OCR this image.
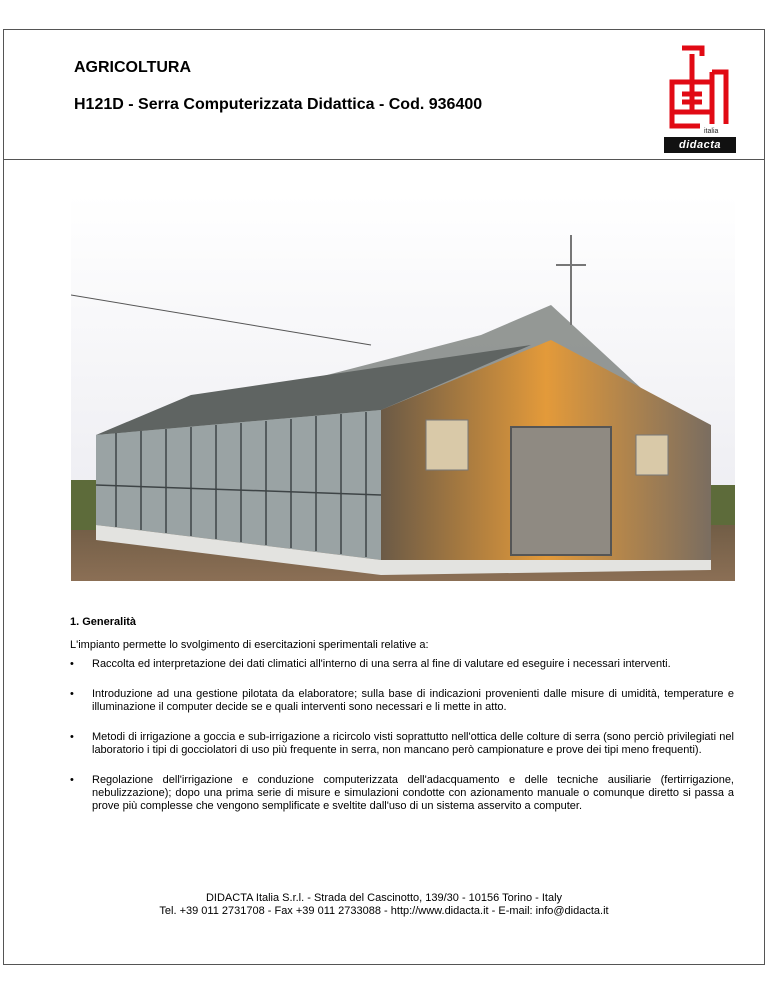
AGRICOLTURA
H121D - Serra Computerizzata Didattica - Cod. 936400
italia
didacta
1. Generalità
L'impianto permette lo svolgimento di esercitazioni sperimentali relative a:
• Raccolta ed interpretazione dei dati climatici all'interno di una serra al fine di valutare ed eseguire i necessari interventi.
• Introduzione ad una gestione pilotata da elaboratore; sulla base di indicazioni provenienti dalle misure di umidità, temperature e illuminazione il computer decide se e quali interventi sono necessari e li mette in atto.
• Metodi di irrigazione a goccia e sub-irrigazione a ricircolo visti soprattutto nell'ottica delle colture di serra (sono perciò privilegiati nel laboratorio i tipi di gocciolatori di uso più frequente in serra, non mancano però campionature e prove dei tipi meno frequenti).
• Regolazione dell'irrigazione e conduzione computerizzata dell'adacquamento e delle tecniche ausiliarie (fertirrigazione, nebulizzazione); dopo una prima serie di misure e simulazioni condotte con azionamento manuale o comunque diretto si passa a prove più complesse che vengono semplificate e sveltite dall'uso di un sistema asservito a computer.
DIDACTA Italia S.r.l. - Strada del Cascinotto, 139/30 - 10156 Torino - Italy
Tel. +39 011 2731708 - Fax +39 011 2733088 - http://www.didacta.it - E-mail: info@didacta.it
